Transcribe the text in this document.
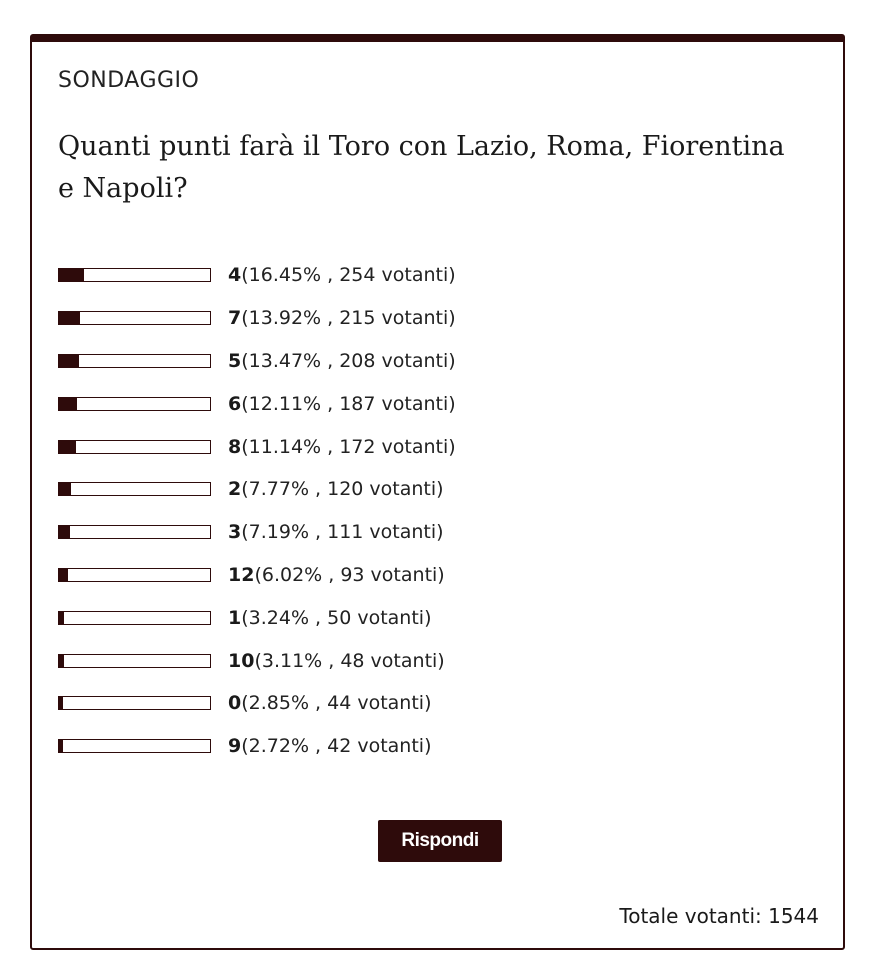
SONDAGGIO
Quanti punti farà il Toro con Lazio, Roma, Fiorentina e Napoli?
4(16.45% , 254 votanti)
7(13.92% , 215 votanti)
5(13.47% , 208 votanti)
6(12.11% , 187 votanti)
8(11.14% , 172 votanti)
2(7.77% , 120 votanti)
3(7.19% , 111 votanti)
12(6.02% , 93 votanti)
1(3.24% , 50 votanti)
10(3.11% , 48 votanti)
0(2.85% , 44 votanti)
9(2.72% , 42 votanti)
Rispondi
Totale votanti: 1544
